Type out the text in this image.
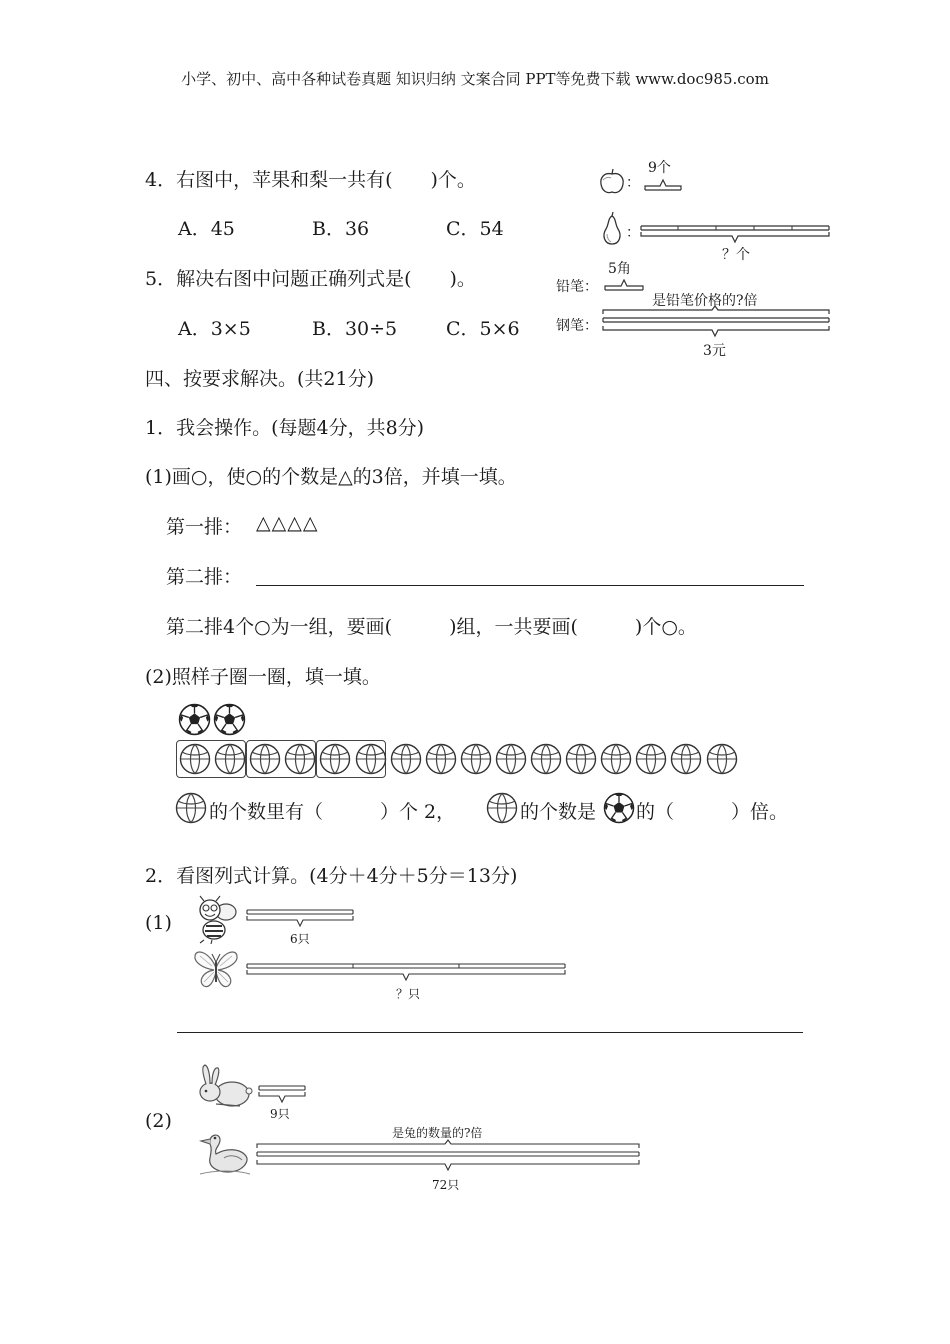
小学、初中、高中各种试卷真题 知识归纳 文案合同 PPT等免费下载 www.doc985.com
4．右图中，苹果和梨一共有(　　)个。
A．45	B．36	C．54
：
9个
：
？个
5．解决右图中问题正确列式是(　　)。
A．3×5	B．30÷5	C．5×6
铅笔：
5角
是铅笔价格的?倍
钢笔：
3元
四、按要求解决。(共21分)
1．我会操作。(每题4分，共8分)
(1)画○，使○的个数是△的3倍，并填一填。
第一排： △△△△
第二排：
第二排4个○为一组，要画(　　　)组，一共要画(　　　)个○。
(2)照样子圈一圈，填一填。
的个数里有（　　　）个 2，	的个数是 的（　　　）倍。
2．看图列式计算。(4分＋4分＋5分＝13分)
(1)
6只
？只
(2)	9只
是兔的数量的?倍
72只
